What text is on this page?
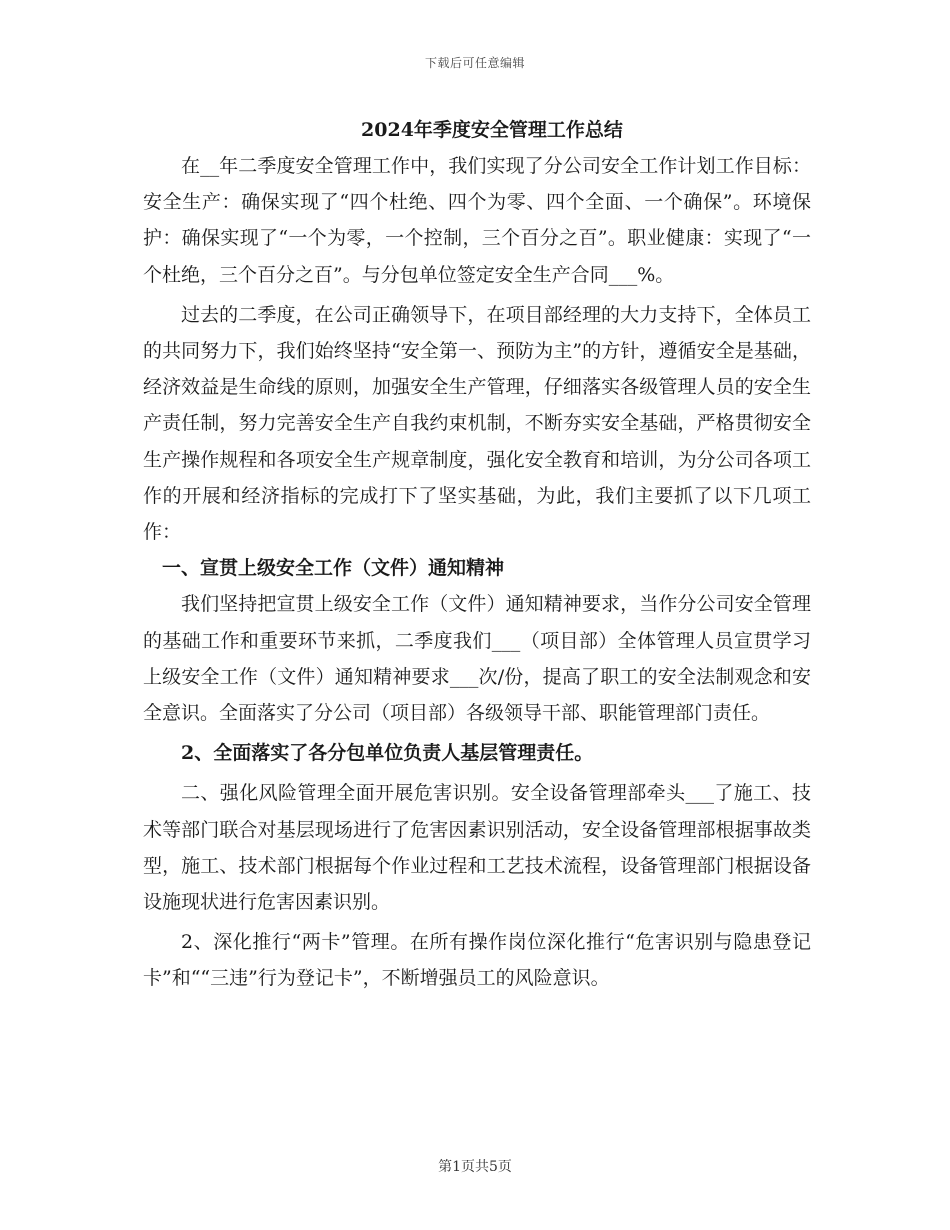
下载后可任意编辑

2024年季度安全管理工作总结

在__年二季度安全管理工作中，我们实现了分公司安全工作计划工作目标：安全生产：确保实现了“四个杜绝、四个为零、四个全面、一个确保”。环境保护：确保实现了“一个为零，一个控制，三个百分之百”。职业健康：实现了“一个杜绝，三个百分之百”。与分包单位签定安全生产合同___%。

过去的二季度，在公司正确领导下，在项目部经理的大力支持下，全体员工的共同努力下，我们始终坚持“安全第一、预防为主”的方针，遵循安全是基础，经济效益是生命线的原则，加强安全生产管理，仔细落实各级管理人员的安全生产责任制，努力完善安全生产自我约束机制，不断夯实安全基础，严格贯彻安全生产操作规程和各项安全生产规章制度，强化安全教育和培训，为分公司各项工作的开展和经济指标的完成打下了坚实基础，为此，我们主要抓了以下几项工作：

一、宣贯上级安全工作（文件）通知精神

我们坚持把宣贯上级安全工作（文件）通知精神要求，当作分公司安全管理的基础工作和重要环节来抓，二季度我们___（项目部）全体管理人员宣贯学习上级安全工作（文件）通知精神要求___次/份，提高了职工的安全法制观念和安全意识。全面落实了分公司（项目部）各级领导干部、职能管理部门责任。

2、全面落实了各分包单位负责人基层管理责任。

二、强化风险管理全面开展危害识别。安全设备管理部牵头___了施工、技术等部门联合对基层现场进行了危害因素识别活动，安全设备管理部根据事故类型，施工、技术部门根据每个作业过程和工艺技术流程，设备管理部门根据设备设施现状进行危害因素识别。

2、深化推行“两卡”管理。在所有操作岗位深化推行“危害识别与隐患登记卡”和““三违”行为登记卡”，不断增强员工的风险意识。

第1页共5页
